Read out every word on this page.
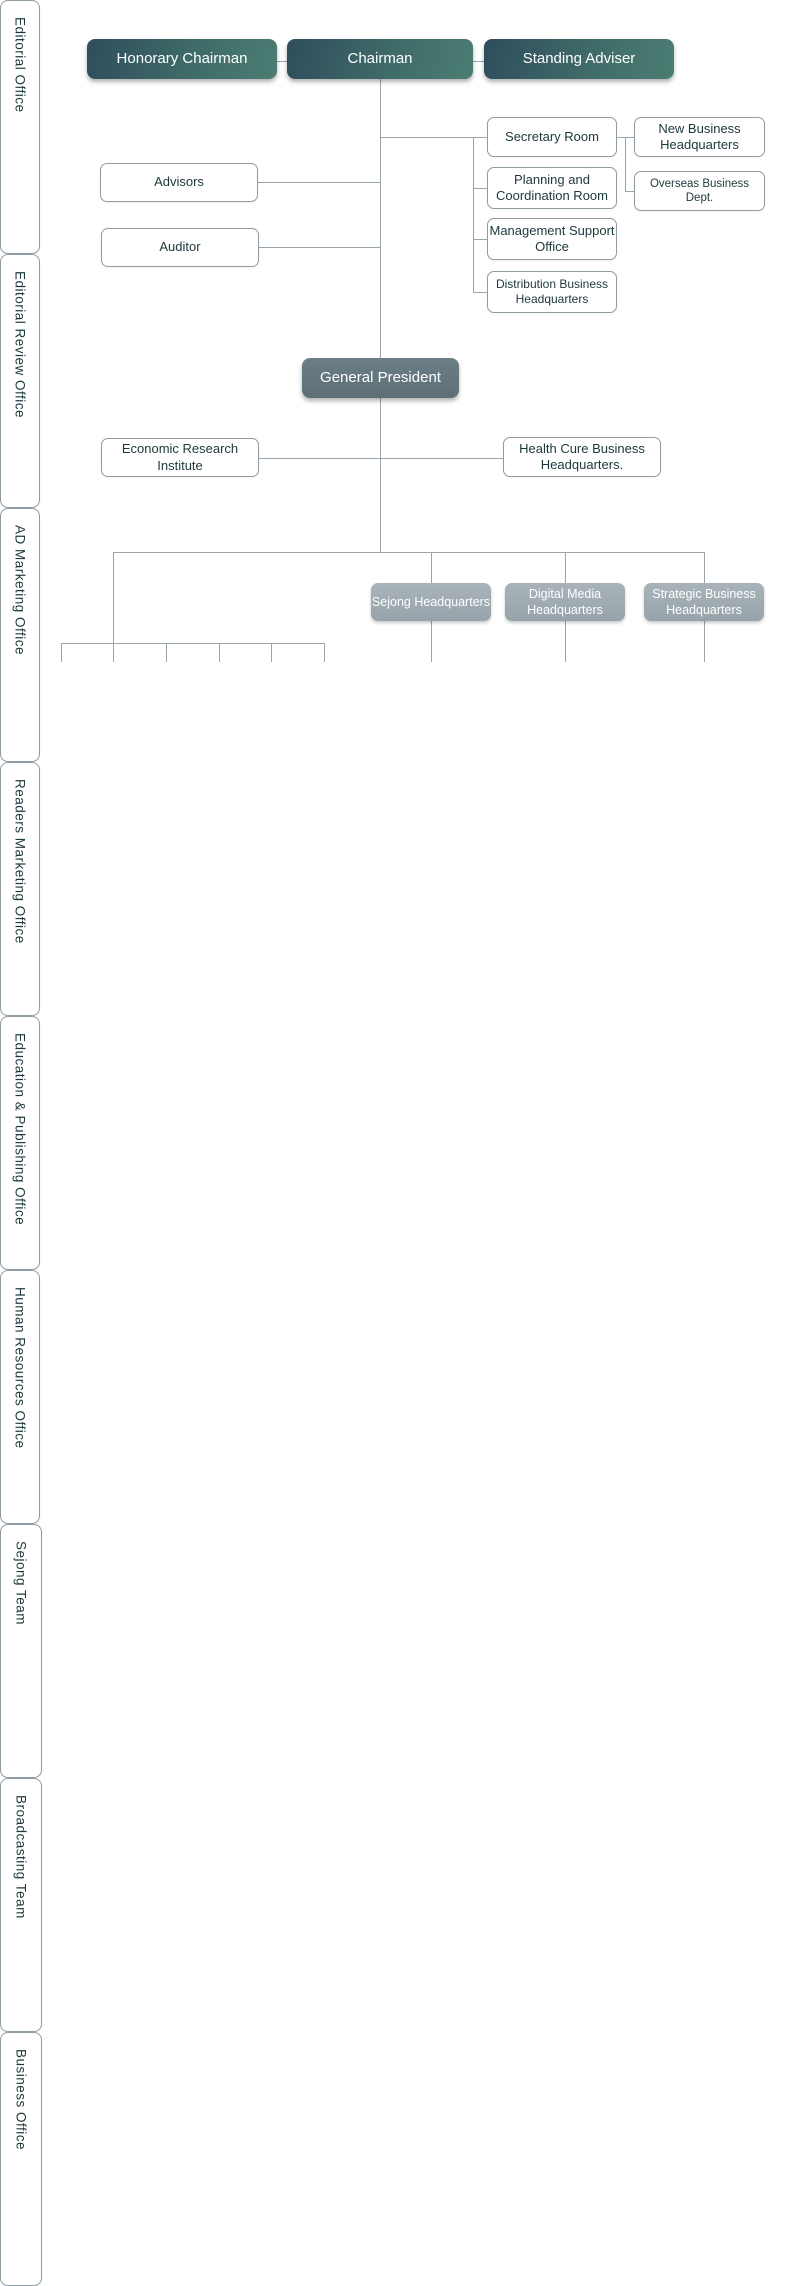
Honorary Chairman	Chairman	Standing Adviser
Advisors
Auditor
Secretary Room
Planning and Coordination Room
Management Support Office
Distribution Business Headquarters
New Business Headquarters
Overseas Business Dept.
General President
Economic Research Institute
Health Cure Business Headquarters.
Sejong Headquarters
Digital Media Headquarters
Strategic Business Headquarters
Editorial Office
Editorial Review Office
AD Marketing Office
Readers Marketing Office
Education & Publishing Office
Human Resources Office
Sejong Team
Broadcasting Team
Business Office
